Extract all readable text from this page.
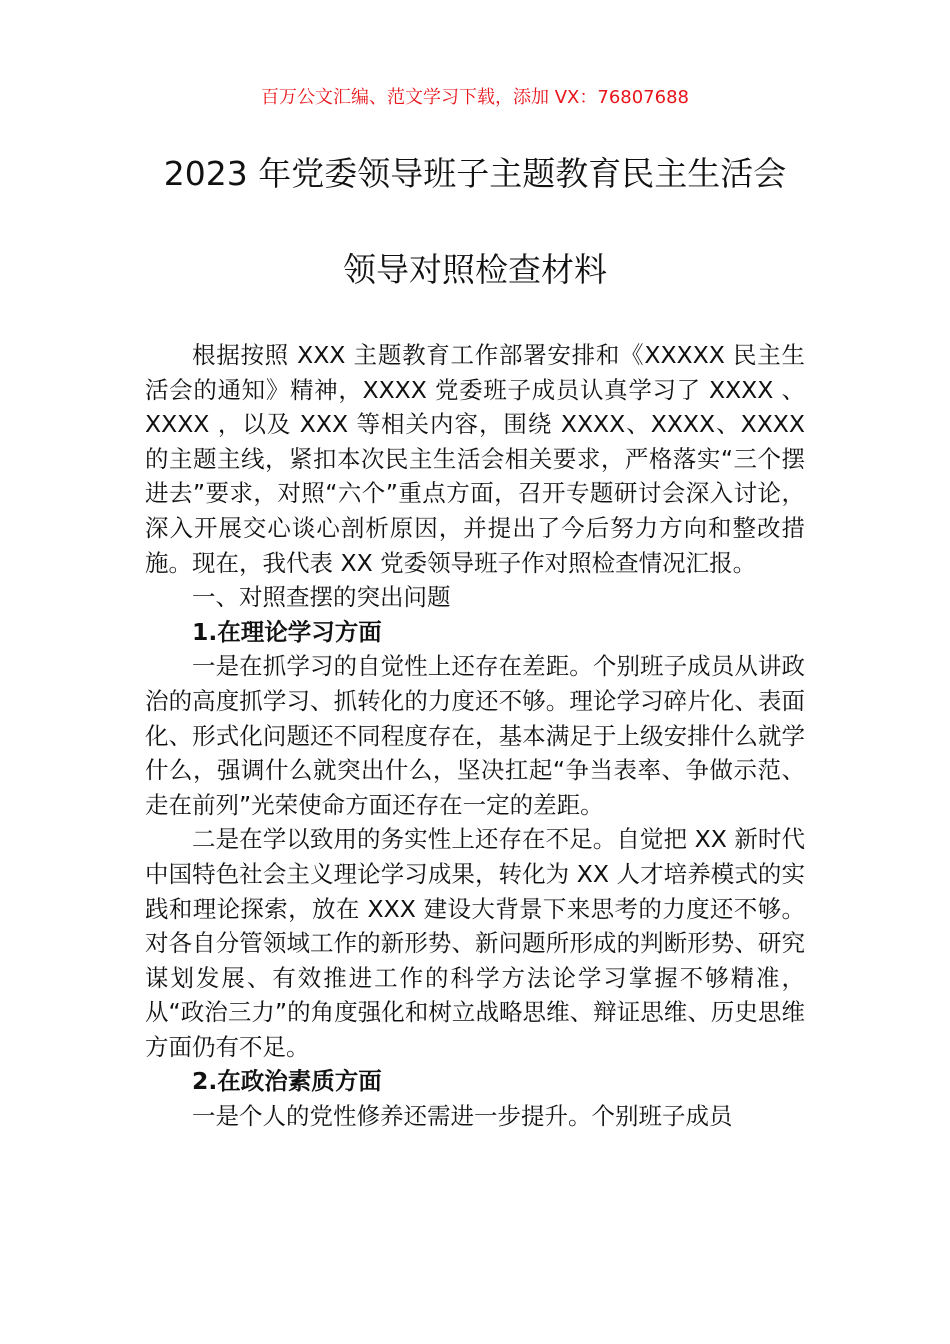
百万公文汇编、范文学习下载，添加 VX：76807688
2023 年党委领导班子主题教育民主生活会
领导对照检查材料

根据按照 XXX 主题教育工作部署安排和《XXXXX 民主生活会的通知》精神，XXXX 党委班子成员认真学习了 XXXX 、 XXXX ，以及 XXX 等相关内容，围绕 XXXX、XXXX、XXXX 的主题主线，紧扣本次民主生活会相关要求，严格落实“三个摆进去”要求，对照“六个”重点方面，召开专题研讨会深入讨论，深入开展交心谈心剖析原因，并提出了今后努力方向和整改措施。现在，我代表 XX 党委领导班子作对照检查情况汇报。

一、对照查摆的突出问题

1.在理论学习方面

一是在抓学习的自觉性上还存在差距。个别班子成员从讲政治的高度抓学习、抓转化的力度还不够。理论学习碎片化、表面化、形式化问题还不同程度存在，基本满足于上级安排什么就学什么，强调什么就突出什么，坚决扛起“争当表率、争做示范、走在前列”光荣使命方面还存在一定的差距。

二是在学以致用的务实性上还存在不足。自觉把 XX 新时代中国特色社会主义理论学习成果，转化为 XX 人才培养模式的实践和理论探索，放在 XXX 建设大背景下来思考的力度还不够。对各自分管领域工作的新形势、新问题所形成的判断形势、研究谋划发展、有效推进工作的科学方法论学习掌握不够精准，从“政治三力”的角度强化和树立战略思维、辩证思维、历史思维方面仍有不足。

2.在政治素质方面

一是个人的党性修养还需进一步提升。个别班子成员
